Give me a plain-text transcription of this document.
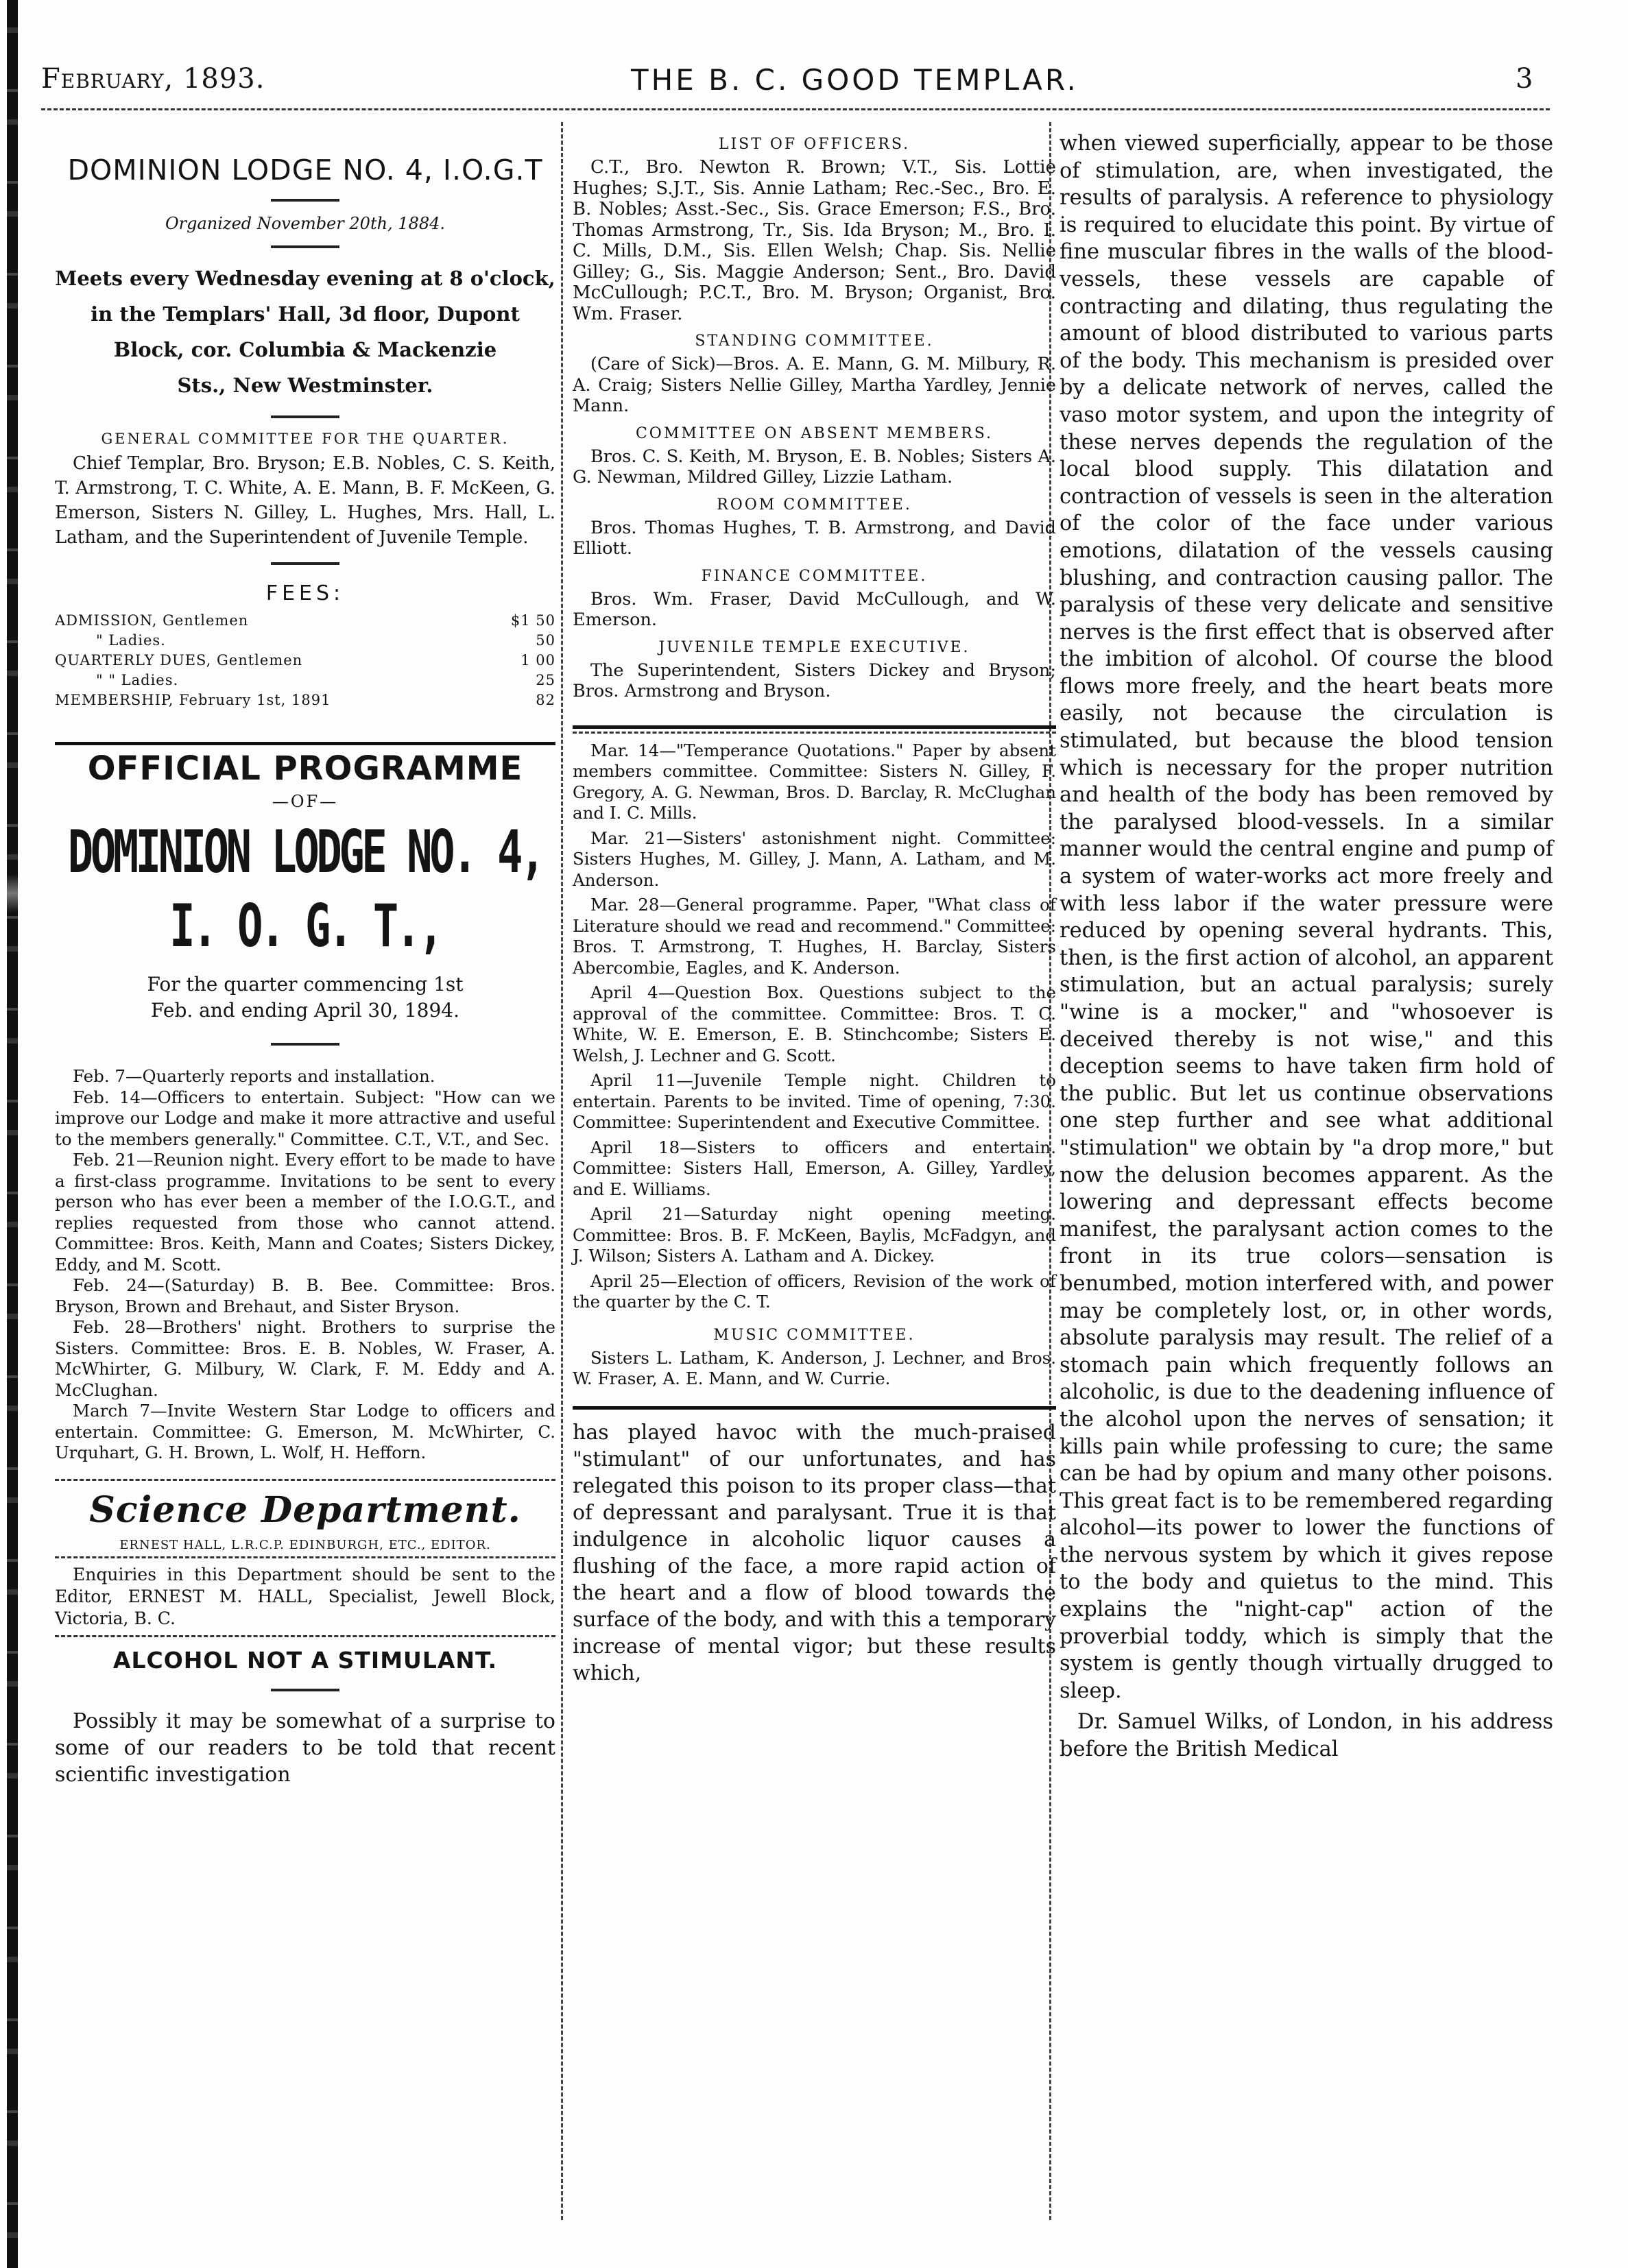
February, 1893.	THE B. C. GOOD TEMPLAR.	3

DOMINION LODGE NO. 4, I.O.G.T

Organized November 20th, 1884.

Meets every Wednesday evening at 8 o'clock,

in the Templars' Hall, 3d floor, Dupont

Block, cor. Columbia & Mackenzie

Sts., New Westminster.

GENERAL COMMITTEE FOR THE QUARTER.

Chief Templar, Bro. Bryson; E.B. Nobles, C. S. Keith, T. Armstrong, T. C. White, A. E. Mann, B. F. McKeen, G. Emerson, Sisters N. Gilley, L. Hughes, Mrs. Hall, L. Latham, and the Superintendent of Juvenile Temple.

FEES:

ADMISSION, Gentlemen	$1 50
" Ladies.	50
QUARTERLY DUES, Gentlemen	1 00
" " Ladies.	25
MEMBERSHIP, February 1st, 1891	82

OFFICIAL PROGRAMME

—OF—

DOMINION LODGE NO. 4, I. O. G. T.,

For the quarter commencing 1st

Feb. and ending April 30, 1894.

Feb. 7—Quarterly reports and installation.

Feb. 14—Officers to entertain. Subject: "How can we improve our Lodge and make it more attractive and useful to the members generally." Committee. C.T., V.T., and Sec.

Feb. 21—Reunion night. Every effort to be made to have a first-class programme. Invitations to be sent to every person who has ever been a member of the I.O.G.T., and replies requested from those who cannot attend. Committee: Bros. Keith, Mann and Coates; Sisters Dickey, Eddy, and M. Scott.

Feb. 24—(Saturday) B. B. Bee. Committee: Bros. Bryson, Brown and Brehaut, and Sister Bryson.

Feb. 28—Brothers' night. Brothers to surprise the Sisters. Committee: Bros. E. B. Nobles, W. Fraser, A. McWhirter, G. Milbury, W. Clark, F. M. Eddy and A. McClughan.

March 7—Invite Western Star Lodge to officers and entertain. Committee: G. Emerson, M. McWhirter, C. Urquhart, G. H. Brown, L. Wolf, H. Hefforn.

Science Department.

ERNEST HALL, L.R.C.P. EDINBURGH, ETC., EDITOR.

Enquiries in this Department should be sent to the Editor, ERNEST M. HALL, Specialist, Jewell Block, Victoria, B. C.

ALCOHOL NOT A STIMULANT.

Possibly it may be somewhat of a surprise to some of our readers to be told that recent scientific investigation

LIST OF OFFICERS.

C.T., Bro. Newton R. Brown; V.T., Sis. Lottie Hughes; S.J.T., Sis. Annie Latham; Rec.-Sec., Bro. E. B. Nobles; Asst.-Sec., Sis. Grace Emerson; F.S., Bro. Thomas Armstrong, Tr., Sis. Ida Bryson; M., Bro. I. C. Mills, D.M., Sis. Ellen Welsh; Chap. Sis. Nellie Gilley; G., Sis. Maggie Anderson; Sent., Bro. David McCullough; P.C.T., Bro. M. Bryson; Organist, Bro. Wm. Fraser.

STANDING COMMITTEE.

(Care of Sick)—Bros. A. E. Mann, G. M. Milbury, R. A. Craig; Sisters Nellie Gilley, Martha Yardley, Jennie Mann.

COMMITTEE ON ABSENT MEMBERS.

Bros. C. S. Keith, M. Bryson, E. B. Nobles; Sisters A. G. Newman, Mildred Gilley, Lizzie Latham.

ROOM COMMITTEE.

Bros. Thomas Hughes, T. B. Armstrong, and David Elliott.

FINANCE COMMITTEE.

Bros. Wm. Fraser, David McCullough, and W. Emerson.

JUVENILE TEMPLE EXECUTIVE.

The Superintendent, Sisters Dickey and Bryson; Bros. Armstrong and Bryson.

Mar. 14—"Temperance Quotations." Paper by absent members committee. Committee: Sisters N. Gilley, F. Gregory, A. G. Newman, Bros. D. Barclay, R. McClughan and I. C. Mills.

Mar. 21—Sisters' astonishment night. Committee: Sisters Hughes, M. Gilley, J. Mann, A. Latham, and M. Anderson.

Mar. 28—General programme. Paper, "What class of Literature should we read and recommend." Committee: Bros. T. Armstrong, T. Hughes, H. Barclay, Sisters Abercombie, Eagles, and K. Anderson.

April 4—Question Box. Questions subject to the approval of the committee. Committee: Bros. T. C. White, W. E. Emerson, E. B. Stinchcombe; Sisters E. Welsh, J. Lechner and G. Scott.

April 11—Juvenile Temple night. Children to entertain. Parents to be invited. Time of opening, 7:30. Committee: Superintendent and Executive Committee.

April 18—Sisters to officers and entertain. Committee: Sisters Hall, Emerson, A. Gilley, Yardley, and E. Williams.

April 21—Saturday night opening meeting. Committee: Bros. B. F. McKeen, Baylis, McFadgyn, and J. Wilson; Sisters A. Latham and A. Dickey.

April 25—Election of officers, Revision of the work of the quarter by the C. T.

MUSIC COMMITTEE.

Sisters L. Latham, K. Anderson, J. Lechner, and Bros. W. Fraser, A. E. Mann, and W. Currie.

has played havoc with the much-praised "stimulant" of our unfortunates, and has relegated this poison to its proper class—that of depressant and paralysant. True it is that indulgence in alcoholic liquor causes a flushing of the face, a more rapid action of the heart and a flow of blood towards the surface of the body, and with this a temporary increase of mental vigor; but these results which,

when viewed superficially, appear to be those of stimulation, are, when investigated, the results of paralysis. A reference to physiology is required to elucidate this point. By virtue of fine muscular fibres in the walls of the blood-vessels, these vessels are capable of contracting and dilating, thus regulating the amount of blood distributed to various parts of the body. This mechanism is presided over by a delicate network of nerves, called the vaso motor system, and upon the integrity of these nerves depends the regulation of the local blood supply. This dilatation and contraction of vessels is seen in the alteration of the color of the face under various emotions, dilatation of the vessels causing blushing, and contraction causing pallor. The paralysis of these very delicate and sensitive nerves is the first effect that is observed after the imbition of alcohol. Of course the blood flows more freely, and the heart beats more easily, not because the circulation is stimulated, but because the blood tension which is necessary for the proper nutrition and health of the body has been removed by the paralysed blood-vessels. In a similar manner would the central engine and pump of a system of water-works act more freely and with less labor if the water pressure were reduced by opening several hydrants. This, then, is the first action of alcohol, an apparent stimulation, but an actual paralysis; surely "wine is a mocker," and "whosoever is deceived thereby is not wise," and this deception seems to have taken firm hold of the public. But let us continue observations one step further and see what additional "stimulation" we obtain by "a drop more," but now the delusion becomes apparent. As the lowering and depressant effects become manifest, the paralysant action comes to the front in its true colors—sensation is benumbed, motion interfered with, and power may be completely lost, or, in other words, absolute paralysis may result. The relief of a stomach pain which frequently follows an alcoholic, is due to the deadening influence of the alcohol upon the nerves of sensation; it kills pain while professing to cure; the same can be had by opium and many other poisons. This great fact is to be remembered regarding alcohol—its power to lower the functions of the nervous system by which it gives repose to the body and quietus to the mind. This explains the "night-cap" action of the proverbial toddy, which is simply that the system is gently though virtually drugged to sleep.

Dr. Samuel Wilks, of London, in his address before the British Medical
